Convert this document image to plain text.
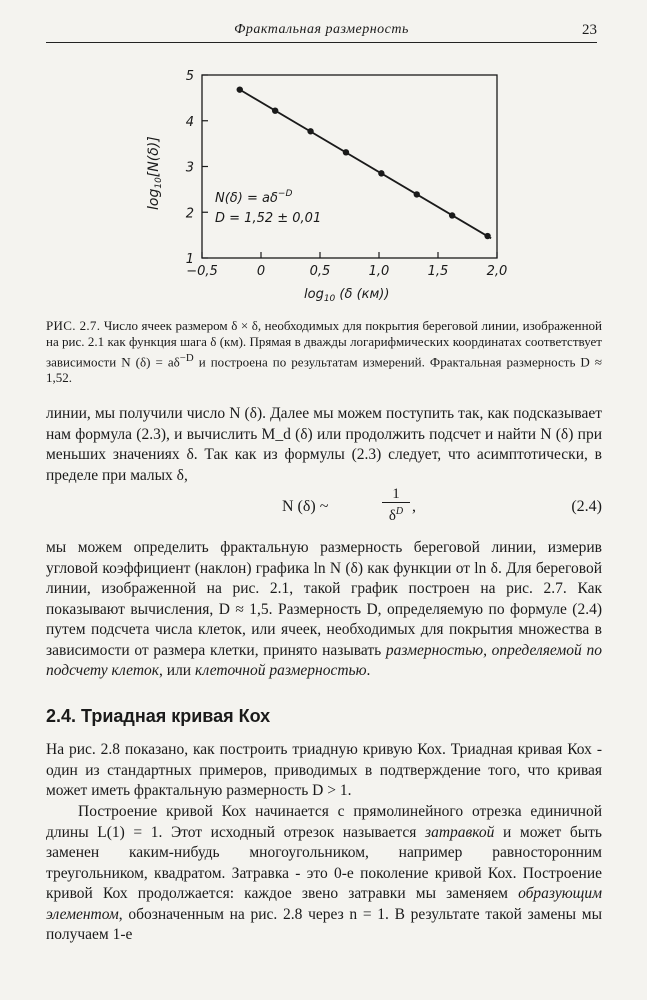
Фрактальная размерность	23
1
2
3
4
5
−0,5	0	0,5	1,0	1,5	2,0
$\log_{10}[N(\delta)]$
$\log_{10} (\delta$ (км))
$N(\delta) = a\delta^{-D}$
D = 1,52 ± 0,01

РИС. 2.7. Число ячеек размером δ × δ, необходимых для покрытия береговой линии, изображенной на рис. 2.1 как функция шага δ (км). Прямая в дважды логарифмических координатах соответствует зависимости N $(\delta) = a\delta^{-D}$ и построена по результатам измерений. Фрактальная размерность D ≈ 1,52.

линии, мы получили число N (δ). Далее мы можем поступить так, как подсказывает нам формула (2.3), и вычислить M_d (δ) или продолжить подсчет и найти N (δ) при меньших значениях δ. Так как из формулы (2.3) следует, что асимптотически, в пределе при малых δ,

N (δ) ~	$\frac{1}{\delta^D}$ ,	(2.4)

мы можем определить фрактальную размерность береговой линии, измерив угловой коэффициент (наклон) графика ln N (δ) как функции от ln δ. Для береговой линии, изображенной на рис. 2.1, такой график построен на рис. 2.7. Как показывают вычисления, D ≈ 1,5. Размерность D, определяемую по формуле (2.4) путем подсчета числа клеток, или ячеек, необходимых для покрытия множества в зависимости от размера клетки, принято называть размерностью, определяемой по подсчету клеток, или клеточной размерностью.

2.4. Триадная кривая Кох

На рис. 2.8 показано, как построить триадную кривую Кох. Триадная кривая Кох - один из стандартных примеров, приводимых в подтверждение того, что кривая может иметь фрактальную размерность D > 1.

Построение кривой Кох начинается с прямолинейного отрезка единичной длины L(1) = 1. Этот исходный отрезок называется затравкой и может быть заменен каким-нибудь многоугольником, например равносторонним треугольником, квадратом. Затравка - это 0-е поколение кривой Кох. Построение кривой Кох продолжается: каждое звено затравки мы заменяем образующим элементом, обозначенным на рис. 2.8 через n = 1. В результате такой замены мы получаем 1-е
